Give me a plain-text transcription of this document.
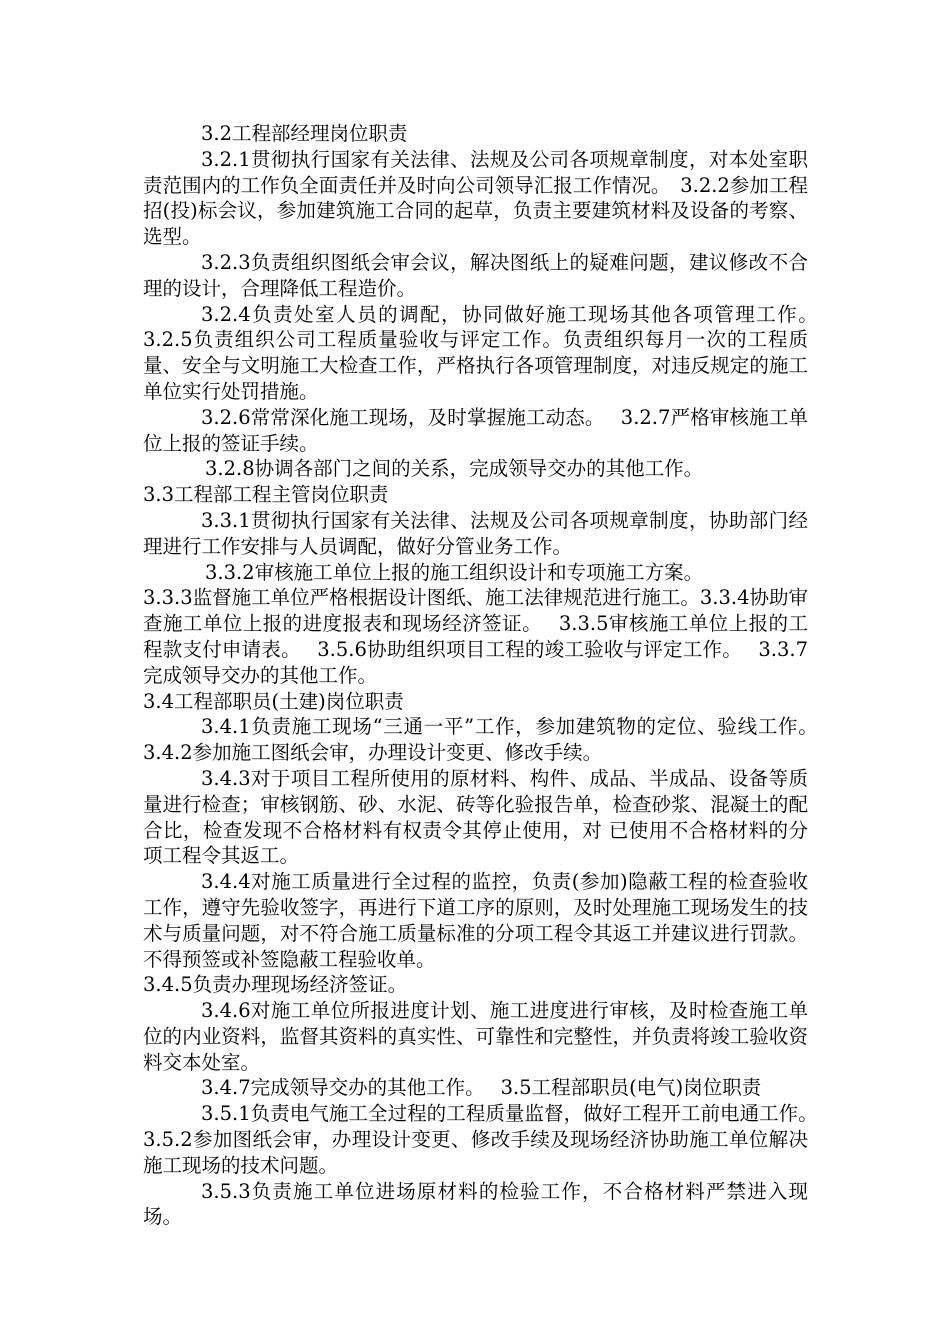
3.2工程部经理岗位职责

3.2.1贯彻执行国家有关法律、法规及公司各项规章制度，对本处室职责范围内的工作负全面责任并及时向公司领导汇报工作情况。　3.2.2参加工程招(投)标会议，参加建筑施工合同的起草，负责主要建筑材料及设备的考察、选型。

3.2.3负责组织图纸会审会议，解决图纸上的疑难问题，建议修改不合理的设计，合理降低工程造价。

3.2.4负责处室人员的调配，协同做好施工现场其他各项管理工作。　 3.2.5负责组织公司工程质量验收与评定工作。负责组织每月一次的工程质量、安全与文明施工大检查工作，严格执行各项管理制度，对违反规定的施工单位实行处罚措施。

3.2.6常常深化施工现场，及时掌握施工动态。　 3.2.7严格审核施工单位上报的签证手续。

3.2.8协调各部门之间的关系，完成领导交办的其他工作。

3.3工程部工程主管岗位职责

3.3.1贯彻执行国家有关法律、法规及公司各项规章制度，协助部门经理进行工作安排与人员调配，做好分管业务工作。

3.3.2审核施工单位上报的施工组织设计和专项施工方案。

3.3.3监督施工单位严格根据设计图纸、施工法律规范进行施工。3.3.4协助审查施工单位上报的进度报表和现场经济签证。　 3.3.5审核施工单位上报的工程款支付申请表。　 3.5.6协助组织项目工程的竣工验收与评定工作。　 3.3.7完成领导交办的其他工作。

3.4工程部职员(土建)岗位职责

3.4.1负责施工现场“三通一平”工作，参加建筑物的定位、验线工作。　 3.4.2参加施工图纸会审，办理设计变更、修改手续。

3.4.3对于项目工程所使用的原材料、构件、成品、半成品、设备等质量进行检查；审核钢筋、砂、水泥、砖等化验报告单，检查砂浆、混凝土的配合比，检查发现不合格材料有权责令其停止使用，对 已使用不合格材料的分项工程令其返工。

3.4.4对施工质量进行全过程的监控，负责(参加)隐蔽工程的检查验收工作，遵守先验收签字，再进行下道工序的原则，及时处理施工现场发生的技术与质量问题，对不符合施工质量标准的分项工程令其返工并建议进行罚款。不得预签或补签隐蔽工程验收单。

3.4.5负责办理现场经济签证。

3.4.6对施工单位所报进度计划、施工进度进行审核，及时检查施工单位的内业资料，监督其资料的真实性、可靠性和完整性，并负责将竣工验收资料交本处室。

3.4.7完成领导交办的其他工作。　 3.5工程部职员(电气)岗位职责

3.5.1负责电气施工全过程的工程质量监督，做好工程开工前电通工作。　 3.5.2参加图纸会审，办理设计变更、修改手续及现场经济协助施工单位解决施工现场的技术问题。

3.5.3负责施工单位进场原材料的检验工作，不合格材料严禁进入现场。
